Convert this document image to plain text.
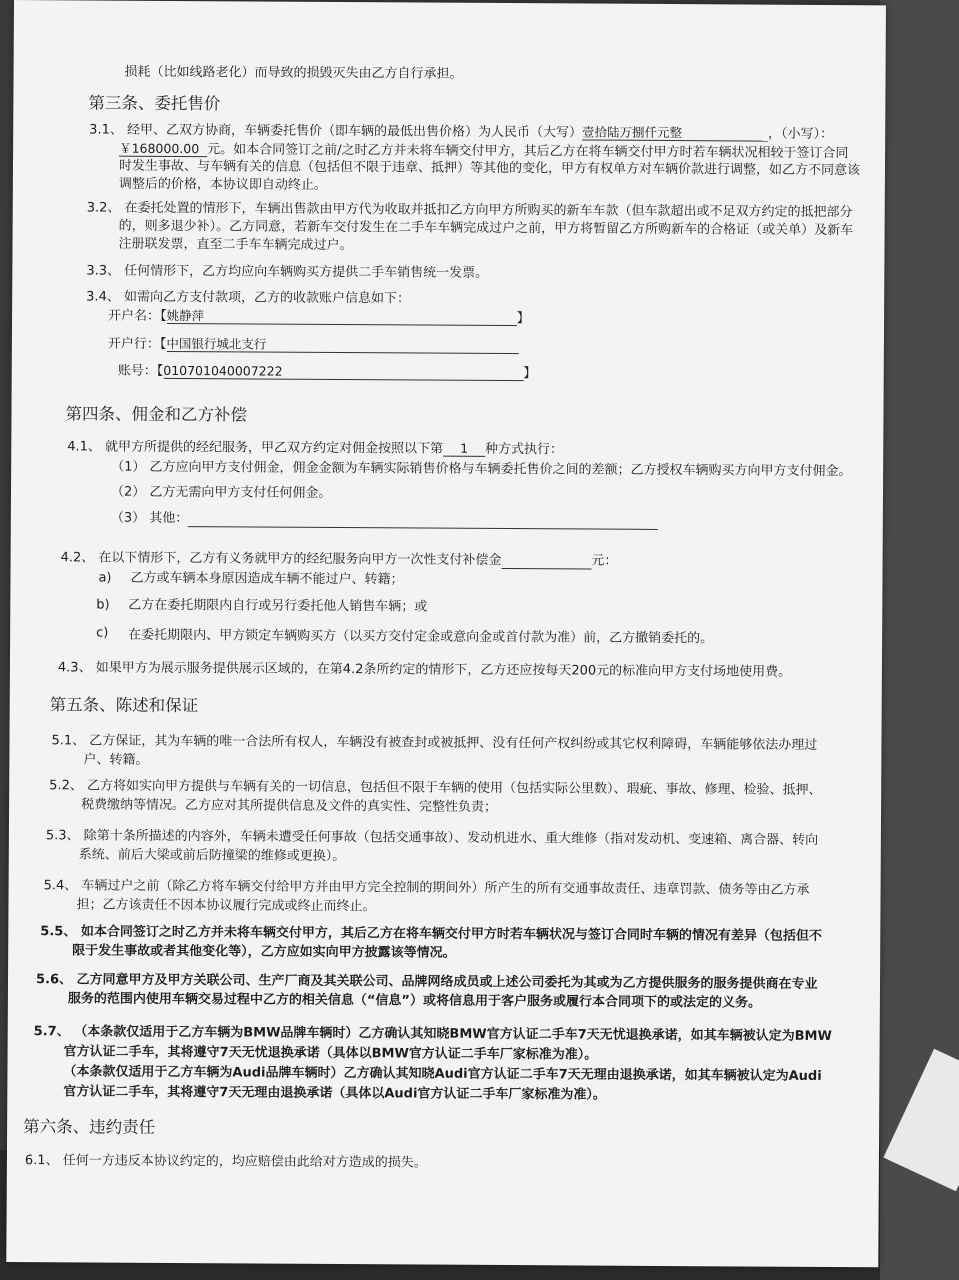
损耗（比如线路老化）而导致的损毁灭失由乙方自行承担。
第三条、委托售价
3.1、 经甲、乙双方协商，车辆委托售价（即车辆的最低出售价格）为人民币（大写）壹拾陆万捌仟元整	，（小写）：
￥168000.00 元。如本合同签订之前/之时乙方并未将车辆交付甲方，其后乙方在将车辆交付甲方时若车辆状况相较于签订合同
时发生事故、与车辆有关的信息（包括但不限于违章、抵押）等其他的变化，甲方有权单方对车辆价款进行调整，如乙方不同意该
调整后的价格，本协议即自动终止。
3.2、 在委托处置的情形下，车辆出售款由甲方代为收取并抵扣乙方向甲方所购买的新车车款（但车款超出或不足双方约定的抵把部分
的，则多退少补）。乙方同意，若新车交付发生在二手车车辆完成过户之前，甲方将暂留乙方所购新车的合格证（或关单）及新车
注册联发票，直至二手车车辆完成过户。
3.3、 任何情形下，乙方均应向车辆购买方提供二手车销售统一发票。
3.4、 如需向乙方支付款项，乙方的收款账户信息如下：
开户名：【姚静萍	】
开户行：【中国银行城北支行
账号：【010701040007222	】
第四条、佣金和乙方补偿
4.1、 就甲方所提供的经纪服务，甲乙双方约定对佣金按照以下第 1 种方式执行：
（1） 乙方应向甲方支付佣金，佣金金额为车辆实际销售价格与车辆委托售价之间的差额；乙方授权车辆购买方向甲方支付佣金。
（2） 乙方无需向甲方支付任何佣金。
（3） 其他：
4.2、 在以下情形下，乙方有义务就甲方的经纪服务向甲方一次性支付补偿金	元：
a) 乙方或车辆本身原因造成车辆不能过户、转籍；
b) 乙方在委托期限内自行或另行委托他人销售车辆；或
c) 在委托期限内、甲方锁定车辆购买方（以买方交付定金或意向金或首付款为准）前，乙方撤销委托的。
4.3、 如果甲方为展示服务提供展示区域的，在第4.2条所约定的情形下，乙方还应按每天200元的标准向甲方支付场地使用费。
第五条、陈述和保证
5.1、 乙方保证，其为车辆的唯一合法所有权人，车辆没有被查封或被抵押、没有任何产权纠纷或其它权利障碍，车辆能够依法办理过
户、转籍。
5.2、 乙方将如实向甲方提供与车辆有关的一切信息，包括但不限于车辆的使用（包括实际公里数）、瑕疵、事故、修理、检验、抵押、
税费缴纳等情况。乙方应对其所提供信息及文件的真实性、完整性负责；
5.3、 除第十条所描述的内容外，车辆未遭受任何事故（包括交通事故）、发动机进水、重大维修（指对发动机、变速箱、离合器、转向
系统、前后大梁或前后防撞梁的维修或更换）。
5.4、 车辆过户之前（除乙方将车辆交付给甲方并由甲方完全控制的期间外）所产生的所有交通事故责任、违章罚款、债务等由乙方承
担；乙方该责任不因本协议履行完成或终止而终止。
5.5、 如本合同签订之时乙方并未将车辆交付甲方，其后乙方在将车辆交付甲方时若车辆状况与签订合同时车辆的情况有差异（包括但不
限于发生事故或者其他变化等），乙方应如实向甲方披露该等情况。
5.6、 乙方同意甲方及甲方关联公司、生产厂商及其关联公司、品牌网络成员或上述公司委托为其或为乙方提供服务的服务提供商在专业
服务的范围内使用车辆交易过程中乙方的相关信息（“信息”）或将信息用于客户服务或履行本合同项下的或法定的义务。
5.7、 （本条款仅适用于乙方车辆为BMW品牌车辆时）乙方确认其知晓BMW官方认证二手车7天无忧退换承诺，如其车辆被认定为BMW
官方认证二手车，其将遵守7天无忧退换承诺（具体以BMW官方认证二手车厂家标准为准）。
（本条款仅适用于乙方车辆为Audi品牌车辆时）乙方确认其知晓Audi官方认证二手车7天无理由退换承诺，如其车辆被认定为Audi
官方认证二手车，其将遵守7天无理由退换承诺（具体以Audi官方认证二手车厂家标准为准）。
第六条、违约责任
6.1、 任何一方违反本协议约定的，均应赔偿由此给对方造成的损失。
